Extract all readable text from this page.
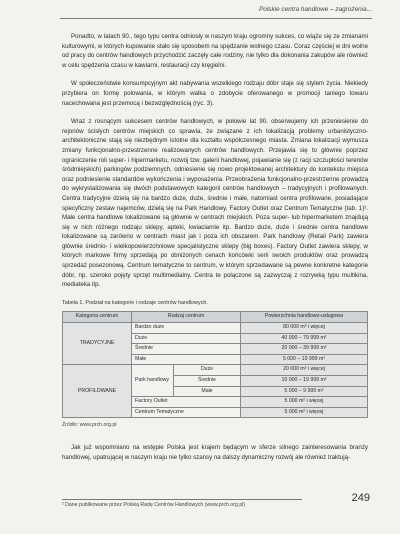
Polskie centra handlowe – zagrożenia...

Ponadto, w latach 90., tego typu centra odniosły w naszym kraju ogromny sukces, co wiąże się ze zmianami kulturowymi, w których kupowanie stało się sposobem na spędzanie wolnego czasu. Coraz częściej w dni wolne od pracy do centrów handlowych przychodzić zaczęły całe rodziny, nie tylko dla dokonania zakupów ale również w celu spędzenia czasu w kawiarni, restauracji czy kręgielni.

W społeczeństwie konsumpcyjnym akt nabywania wszelkiego rodzaju dóbr staje się stylem życia. Niekiedy przybiera on formę polowania, w którym walka o zdobycie oferowanego w promocji taniego towaru nacechowana jest przemocą i bezwzględnością (ryc. 3).

Wraz z rosnącym sukcesem centrów handlowych, w połowie lat 90. obserwujemy ich przeniesienie do rejonów ścisłych centrów miejskich co sprawia, że związane z ich lokalizacją problemy urbanistyczno-architektoniczne stają się niezbędnym istotne dla kształtu współczesnego miasta. Zmiana lokalizacji wymusza zmiany funkcjonalno-przestrzenne realizowanych centrów handlowych. Przejawia się to głównie poprzez ograniczenie roli super- i hipermarketu, rozwój tzw. galerii handlowej, pojawianie się (z racji szczupłości terenów śródmiejskich) parkingów podziemnych, odniesienie się nowo projektowanej architektury do kontekstu miejsca oraz podniesienie standardów wykończenia i wyposażenia. Przeobrażenia funkcjonalno-przestrzenne prowadzą do wykrystalizowania się dwóch podstawowych kategorii centrów handlowych – tradycyjnych i profilowanych. Centra tradycyjne dzielą się na bardzo duże, duże, średnie i małe, natomiast centra profilowane, posiadające specyficzny zestaw najemców, dzielą się na Park Handlowy, Factory Outlet oraz Centrum Tematyczne (tab. 1)². Małe centra handlowe lokalizowane są głównie w centrach miejskich. Poza super- lub hipermarketem znajdują się w nich różnego rodzaju sklepy, apteki, kwiaciarnie itp. Bardzo duże, duże i średnie centra handlowe lokalizowane są zarówno w centrach miast jak i poza ich obszarem. Park handlowy (Retail Park) zawiera głównie średnio- i wielkopowierzchniowe specjalistyczne sklepy (big boxes). Factory Outlet zawiera sklepy, w których markowe firmy sprzedają po obniżonych cenach końcówki serii swoich produktów oraz prowadzą sprzedaż posezonową. Centrum tematyczne to centrum, w którym sprzedawane są pewne konkretne kategorie dóbr, np. szeroko pojęty sprzęt multimedialny. Centra te polączone są zazwyczaj z rozrywką typu multikina, mediateka itp.

Tabela 1. Podział na kategorie i rodzaje centrów handlowych.
Kategoria centrum	Rodzaj centrum		Powierzchnia handlowo-usługowa
TRADYCYJNE	Bardzo duże		80 000 m² i więcej
	Duże		40 000 – 79 999 m²
	Średnie		20 000 – 39 999 m²
	Małe		5 000 – 19 999 m²
PROFILOWANE	Park handlowy	Duże	20 000 m² i więcej
		Średnie	10 000 – 19 999 m²
		Małe	5 000 – 9 999 m²
	Factory Outlet		5 000 m² i więcej
	Centrum Tematyczne		5 000 m² i więcej
Źródło: www.prch.org.pl

Jak już wspomniano na wstępie Polska jest krajem będącym w sferze silnego zainteresowania branży handlowej, upatrującej w naszym kraju nie tylko szansy na dalszy dynamiczny rozwój ale również traktują-

² Dane publikowane przez Polską Radę Centrów Handlowych (www.prch.org.pl)
249
